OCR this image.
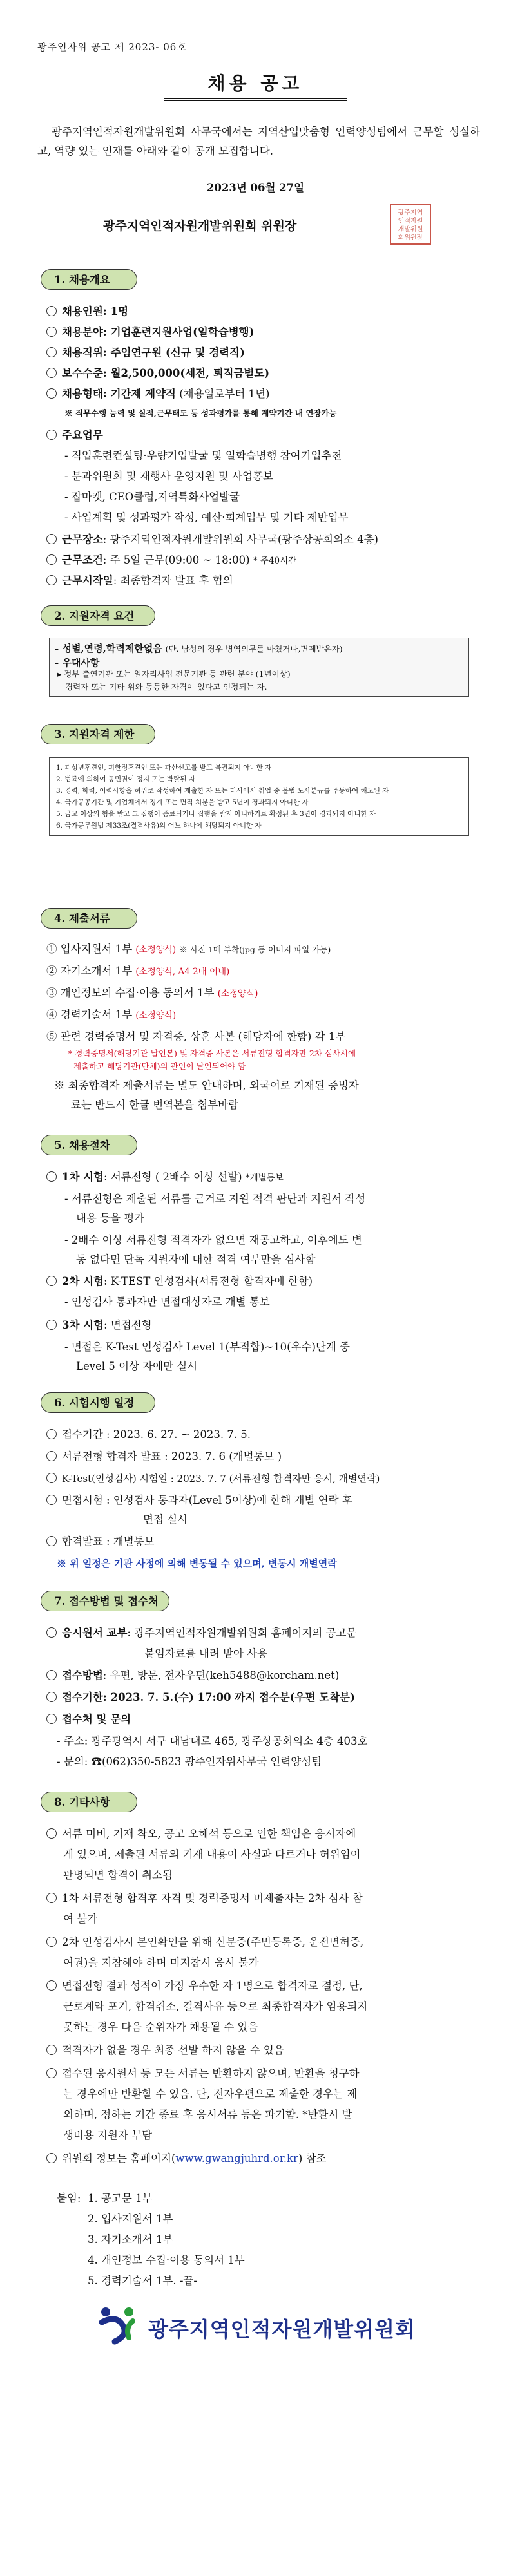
광주인자위 공고 제 2023- 06호
채용 공고
광주지역인적자원개발위원회 사무국에서는 지역산업맞춤형 인력양성팀에서 근무할 성실하고, 역량 있는 인재를 아래와 같이 공개 모집합니다.
2023년 06월 27일
광주지역인적자원개발위원회 위원장
광주지역
인적자원
개발위원
회위원장
1. 채용개요
채용인원: 1명
채용분야: 기업훈련지원사업(일학습병행)
채용직위: 주임연구원 (신규 및 경력직)
보수수준: 월2,500,000(세전, 퇴직금별도)
채용형태: 기간제 계약직 (채용일로부터 1년)
※ 직무수행 능력 및 실적,근무태도 등 성과평가를 통해 계약기간 내 연장가능
주요업무
- 직업훈련컨설팅·우량기업발굴 및 일학습병행 참여기업추천
- 분과위원회 및 재행사 운영지원 및 사업홍보
- 잡마켓, CEO클럽,지역특화사업발굴
- 사업계획 및 성과평가 작성, 예산·회계업무 및 기타 제반업무
근무장소: 광주지역인적자원개발위원회 사무국(광주상공회의소 4층)
근무조건: 주 5일 근무(09:00 ~ 18:00) * 주40시간
근무시작일: 최종합격자 발표 후 협의
2. 지원자격 요건
- 성별,연령,학력제한없음 (단, 남성의 경우 병역의무를 마쳤거나,면제받은자)
- 우대사항
▸ 정부 출연기관 또는 일자리사업 전문기관 등 관련 분야 (1년이상)
경력자 또는 기타 위와 동등한 자격이 있다고 인정되는 자.
3. 지원자격 제한
1. 피성년후견인, 피한정후견인 또는 파산선고를 받고 복권되지 아니한 자
2. 법률에 의하여 공민권이 정지 또는 박탈된 자
3. 경력, 학력, 이력사항을 허위로 작성하여 제출한 자 또는 타사에서 취업 중 불법 노사분규를 주동하여 해고된 자
4. 국가공공기관 및 기업체에서 징계 또는 면직 처분을 받고 5년이 경과되지 아니한 자
5. 금고 이상의 형을 받고 그 집행이 종료되거나 집행을 받지 아니하기로 확정된 후 3년이 경과되지 아니한 자
6. 국가공무원법 제33조(결격사유)의 어느 하나에 해당되지 아니한 자
4. 제출서류
① 입사지원서 1부 (소정양식) ※ 사진 1매 부착(jpg 등 이미지 파일 가능)
② 자기소개서 1부 (소정양식, A4 2매 이내)
③ 개인정보의 수집·이용 동의서 1부 (소정양식)
④ 경력기술서 1부 (소정양식)
⑤ 관련 경력증명서 및 자격증, 상훈 사본 (해당자에 한함) 각 1부
* 경력증명서(해당기관 날인본) 및 자격증 사본은 서류전형 합격자만 2차 심사시에
제출하고 해당기관(단체)의 관인이 날인되어야 함
※ 최종합격자 제출서류는 별도 안내하며, 외국어로 기재된 증빙자
료는 반드시 한글 번역본을 첨부바람
5. 채용절차
1차 시험: 서류전형 ( 2배수 이상 선발) *개별통보
- 서류전형은 제출된 서류를 근거로 지원 적격 판단과 지원서 작성
내용 등을 평가
- 2배수 이상 서류전형 적격자가 없으면 재공고하고, 이후에도 변
동 없다면 단독 지원자에 대한 적격 여부만을 심사함
2차 시험: K-TEST 인성검사(서류전형 합격자에 한함)
- 인성검사 통과자만 면접대상자로 개별 통보
3차 시험: 면접전형
- 면접은 K-Test 인성검사 Level 1(부적합)~10(우수)단계 중
Level 5 이상 자에만 실시
6. 시험시행 일정
접수기간 : 2023. 6. 27. ~ 2023. 7. 5.
서류전형 합격자 발표 : 2023. 7. 6 (개별통보 )
K-Test(인성검사) 시험일 : 2023. 7. 7 (서류전형 합격자만 응시, 개별연락)
면접시험 : 인성검사 통과자(Level 5이상)에 한해 개별 연락 후
면접 실시
합격발표 : 개별통보
※ 위 일정은 기관 사정에 의해 변동될 수 있으며, 변동시 개별연락
7. 접수방법 및 접수처
응시원서 교부: 광주지역인적자원개발위원회 홈페이지의 공고문
붙임자료를 내려 받아 사용
접수방법: 우편, 방문, 전자우편(keh5488@korcham.net)
접수기한: 2023. 7. 5.(수) 17:00 까지 접수분(우편 도착분)
접수처 및 문의
- 주소: 광주광역시 서구 대남대로 465, 광주상공회의소 4층 403호
- 문의: ☎(062)350-5823 광주인자위사무국 인력양성팀
8. 기타사항
서류 미비, 기재 착오, 공고 오해석 등으로 인한 책임은 응시자에
게 있으며, 제출된 서류의 기재 내용이 사실과 다르거나 허위임이
판명되면 합격이 취소됨
1차 서류전형 합격후 자격 및 경력증명서 미제출자는 2차 심사 참
여 불가
2차 인성검사시 본인확인을 위해 신분증(주민등록증, 운전면허증,
여권)을 지참해야 하며 미지참시 응시 불가
면접전형 결과 성적이 가장 우수한 자 1명으로 합격자로 결정, 단,
근로계약 포기, 합격취소, 결격사유 등으로 최종합격자가 임용되지
못하는 경우 다음 순위자가 채용될 수 있음
적격자가 없을 경우 최종 선발 하지 않을 수 있음
접수된 응시원서 등 모든 서류는 반환하지 않으며, 반환을 청구하
는 경우에만 반환할 수 있음. 단, 전자우편으로 제출한 경우는 제
외하며, 정하는 기간 종료 후 응시서류 등은 파기함. *반환시 발
생비용 지원자 부담
위원회 정보는 홈페이지(www.gwangjuhrd.or.kr) 참조
붙임: 1. 공고문 1부
2. 입사지원서 1부
3. 자기소개서 1부
4. 개인정보 수집·이용 동의서 1부
5. 경력기술서 1부. -끝-
광주지역인적자원개발위원회
